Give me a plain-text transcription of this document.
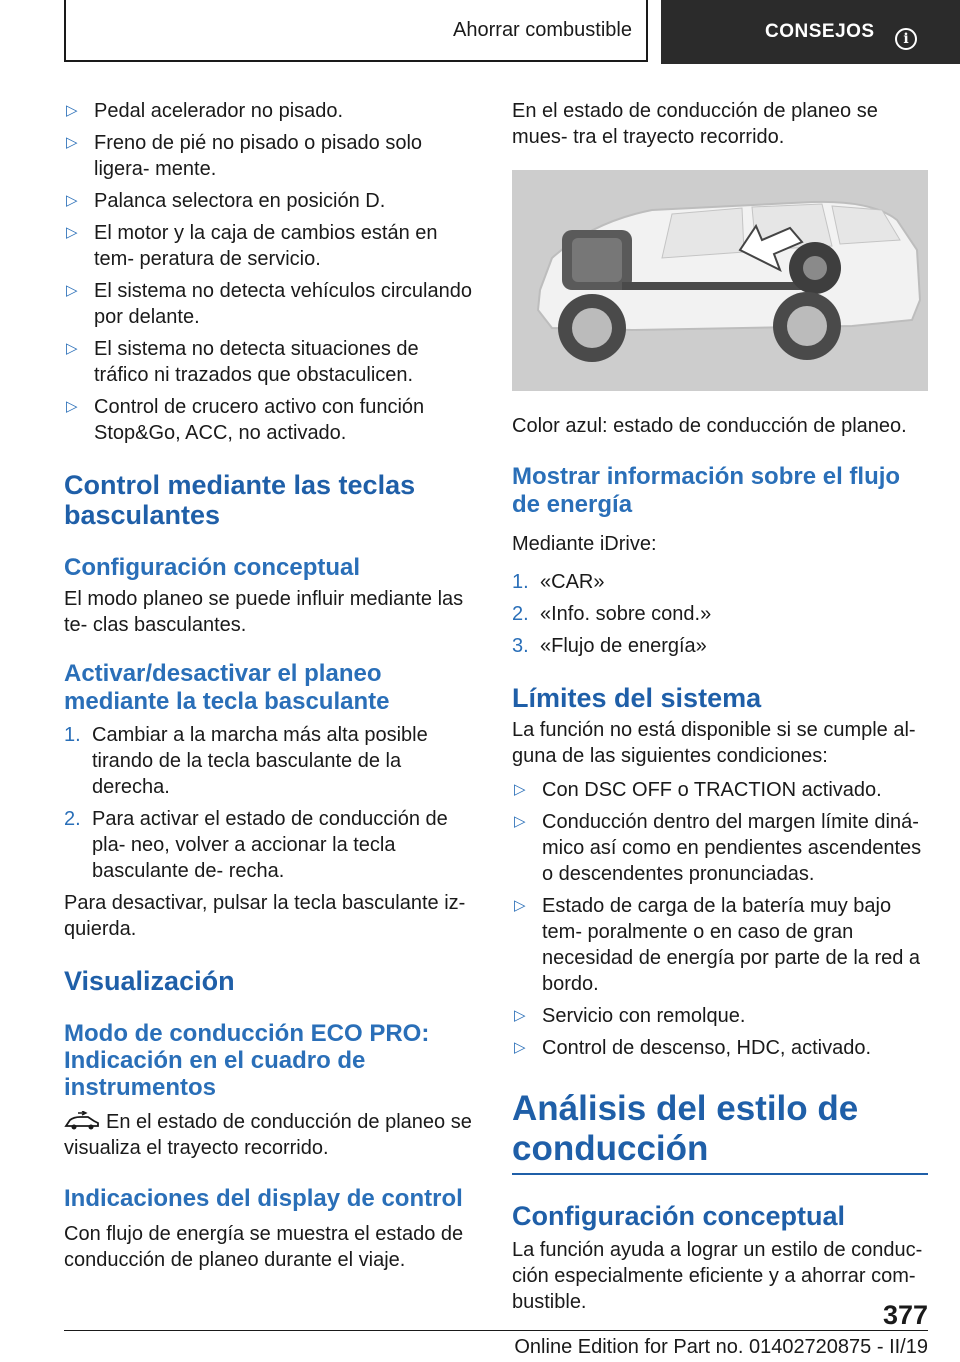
Ahorrar combustible	CONSEJOS	i
▷ Pedal acelerador no pisado.
▷ Freno de pié no pisado o pisado solo ligera‐ mente.
▷ Palanca selectora en posición D.
▷ El motor y la caja de cambios están en tem‐ peratura de servicio.
▷ El sistema no detecta vehículos circulando por delante.
▷ El sistema no detecta situaciones de tráfico ni trazados que obstaculicen.
▷ Control de crucero activo con función Stop&Go, ACC, no activado.
Control mediante las teclas basculantes
Configuración conceptual

El modo planeo se puede influir mediante las te‐ clas basculantes.

Activar/desactivar el planeo mediante la tecla basculante
1. Cambiar a la marcha más alta posible tirando de la tecla basculante de la derecha.
2. Para activar el estado de conducción de pla‐ neo, volver a accionar la tecla basculante de‐ recha.

Para desactivar, pulsar la tecla basculante iz‐ quierda.

Visualización
Modo de conducción ECO PRO: Indicación en el cuadro de instrumentos

En el estado de conducción de planeo se visualiza el trayecto recorrido.

Indicaciones del display de control

Con flujo de energía se muestra el estado de conducción de planeo durante el viaje.

En el estado de conducción de planeo se mues‐ tra el trayecto recorrido.

Color azul: estado de conducción de planeo.

Mostrar información sobre el flujo de energía

Mediante iDrive:

1. «CAR»
2. «Info. sobre cond.»
3. «Flujo de energía»
Límites del sistema

La función no está disponible si se cumple al‐ guna de las siguientes condiciones:

▷ Con DSC OFF o TRACTION activado.
▷ Conducción dentro del margen límite diná‐ mico así como en pendientes ascendentes o descendentes pronunciadas.
▷ Estado de carga de la batería muy bajo tem‐ poralmente o en caso de gran necesidad de energía por parte de la red a bordo.
▷ Servicio con remolque.
▷ Control de descenso, HDC, activado.
Análisis del estilo de conducción
Configuración conceptual

La función ayuda a lograr un estilo de conduc‐ ción especialmente eficiente y a ahorrar com‐ bustible.	377
Online Edition for Part no. 01402720875 - II/19
